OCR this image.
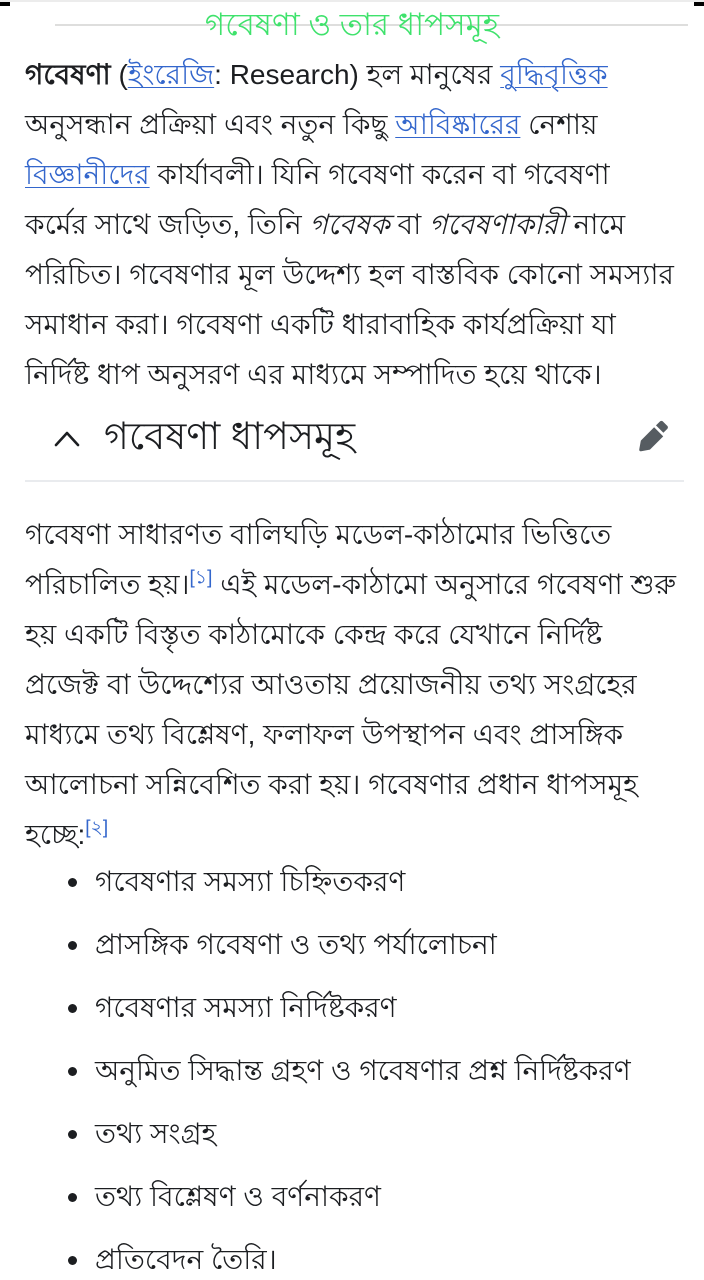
গবেষণা ও তার ধাপসমূহ
গবেষণা (ইংরেজি: Research) হল মানুষের বুদ্ধিবৃত্তিক
অনুসন্ধান প্রক্রিয়া এবং নতুন কিছু আবিষ্কারের নেশায়
বিজ্ঞানীদের কার্যাবলী। যিনি গবেষণা করেন বা গবেষণা
কর্মের সাথে জড়িত, তিনি গবেষক বা গবেষণাকারী নামে
পরিচিত। গবেষণার মূল উদ্দেশ্য হল বাস্তবিক কোনো সমস্যার
সমাধান করা। গবেষণা একটি ধারাবাহিক কার্যপ্রক্রিয়া যা
নির্দিষ্ট ধাপ অনুসরণ এর মাধ্যমে সম্পাদিত হয়ে থাকে।
গবেষণা ধাপসমূহ
গবেষণা সাধারণত বালিঘড়ি মডেল-কাঠামোর ভিত্তিতে
পরিচালিত হয়।[১] এই মডেল-কাঠামো অনুসারে গবেষণা শুরু
হয় একটি বিস্তৃত কাঠামোকে কেন্দ্র করে যেখানে নির্দিষ্ট
প্রজেক্ট বা উদ্দেশ্যের আওতায় প্রয়োজনীয় তথ্য সংগ্রহের
মাধ্যমে তথ্য বিশ্লেষণ, ফলাফল উপস্থাপন এবং প্রাসঙ্গিক
আলোচনা সন্নিবেশিত করা হয়। গবেষণার প্রধান ধাপসমূহ
হচ্ছে:[২]
গবেষণার সমস্যা চিহ্নিতকরণ
প্রাসঙ্গিক গবেষণা ও তথ্য পর্যালোচনা
গবেষণার সমস্যা নির্দিষ্টকরণ
অনুমিত সিদ্ধান্ত গ্রহণ ও গবেষণার প্রশ্ন নির্দিষ্টকরণ
তথ্য সংগ্রহ
তথ্য বিশ্লেষণ ও বর্ণনাকরণ
প্রতিবেদন তৈরি।
